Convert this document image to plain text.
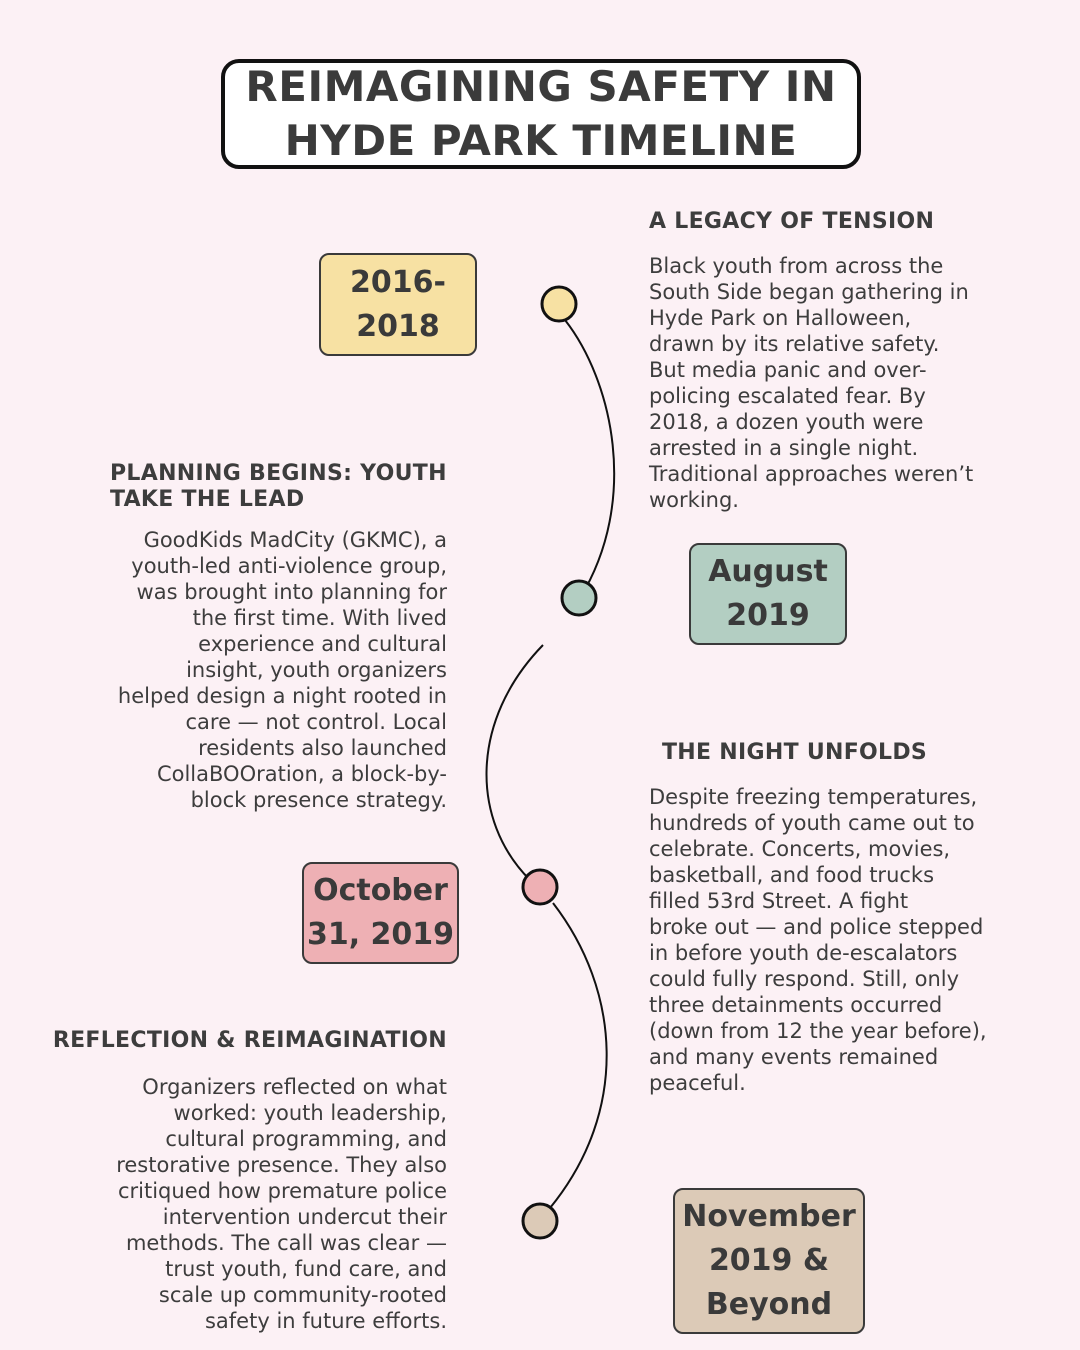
REIMAGINING SAFETY IN
HYDE PARK TIMELINE
2016-
2018
August
2019
October
31, 2019
November
2019 &
Beyond
A LEGACY OF TENSION
Black youth from across the
South Side began gathering in
Hyde Park on Halloween,
drawn by its relative safety.
But media panic and over-
policing escalated fear. By
2018, a dozen youth were
arrested in a single night.
Traditional approaches weren’t
working.
PLANNING BEGINS: YOUTH
TAKE THE LEAD
GoodKids MadCity (GKMC), a
youth-led anti-violence group,
was brought into planning for
the first time. With lived
experience and cultural
insight, youth organizers
helped design a night rooted in
care — not control. Local
residents also launched
CollaBOOration, a block-by-
block presence strategy.
THE NIGHT UNFOLDS
Despite freezing temperatures,
hundreds of youth came out to
celebrate. Concerts, movies,
basketball, and food trucks
filled 53rd Street. A fight
broke out — and police stepped
in before youth de-escalators
could fully respond. Still, only
three detainments occurred
(down from 12 the year before),
and many events remained
peaceful.
REFLECTION & REIMAGINATION
Organizers reflected on what
worked: youth leadership,
cultural programming, and
restorative presence. They also
critiqued how premature police
intervention undercut their
methods. The call was clear —
trust youth, fund care, and
scale up community-rooted
safety in future efforts.
